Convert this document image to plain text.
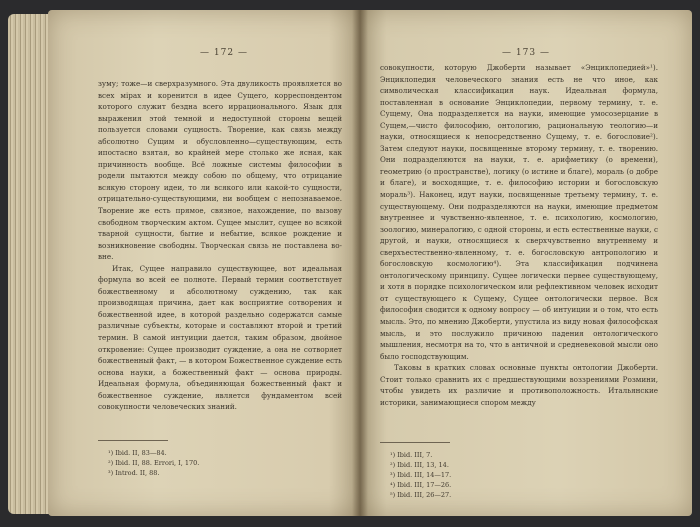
— 172 —

зуму; тоже—и сверхразумного. Эта двуликость проявляется во всех мiрах и коренится в идее Сущего, корреспондентом которого служит бездна всего иррационального. Язык для выражения этой темной и недоступной стороны вещей пользуется словами сущность. Творение, как связь между абсолютно Сущим и обусловленно—существующим, есть ипостасно взятая, во крайней мере столько же ясная, как причинность вообще. Всё ложные системы философии в родели пытаются между собою по общему, что отрицание всякую сторону идеи, то ли всякого или какой-то сущности, отрицательно-существующими, ни вообщем с непознаваемое. Творение же есть прямое, связное, нахождение, по вызову свободном творческим актом. Сущее мыслит, сущее во всякой тварной сущности, бытие и небытие, всякое рождение и возникновение свободны. Творческая связь не поставлена во-вне.

Итак, Сущее направило существующее, вот идеальная формула во всей ее полноте. Первый термин соответствует божественному и абсолютному суждению, так как производящая причина, дает как восприятие сотворения и божественной идее, в которой раздельно содержатся самые различные субъекты, которые и составляют второй и третий термин. В самой интуиции дается, таким образом, двойное откровение: Сущее производит суждение, а она не сотворяет божественный факт, — в котором Божественное суждение есть основа науки, а божественный факт — основа природы. Идеальная формула, объединяющая божественный факт и божественное суждение, является фундаментом всей совокупности человеческих знаний.

¹) Ibid. II, 83—84.
²) Ibid. II, 88. Errori, I, 170.
³) Introd. II, 88.
— 173 —

совокупности, которую Джоберти называет «Энциклопедией»¹). Энциклопедия человеческого знания есть не что иное, как символическая классификация наук. Идеальная формула, поставленная в основание Энциклопедии, первому термину, т. е. Сущему, Она подразделяется на науки, имеющие умосозерцание в Сущем,—чисто философию, онтологию, рациональную теологию—и науки, относящиеся к непосредственно Сущему, т. е. богословие²). Затем следуют науки, посвященные второму термину, т. е. творению. Они подразделяются на науки, т. е. арифметику (о времени), геометрию (о пространстве), логику (о истине и благе), мораль (о добре и благе), и восходящие, т. е. философию истории и богословскую мораль³). Наконец, идут науки, посвященные третьему термину, т. е. существующему. Они подразделяются на науки, имеющие предметом внутреннее и чувственно-явленное, т. е. психологию, космологию, зоологию, минералогию, с одной стороны, и есть естественные науки, с другой, и науки, относящиеся к сверхчувственно внутреннему и сверхъестественно-явленному, т. е. богословскую антропологию и богословскую космологию⁴). Эта классификация подчинена онтологическому принципу. Сущее логически первее существующему, и хотя в порядке психологическом или рефлективном человек исходит от существующего к Сущему, Сущее онтологически первое. Вся философия сводится к одному вопросу — об интуиции и о том, что есть мысль. Это, по мнению Джоберти, упустила из виду новая философская мысль, и это послужило причиною падения онтологического мышления, несмотря на то, что в античной и средневековой мысли оно было господствующим.

Таковы в кратких словах основные пункты онтологии Джоберти. Стоит только сравнить их с предшествующими воззрениями Розмини, чтобы увидеть их различие и противоположность. Итальянские историки, занимающиеся спором между

¹) Ibid. III, 7.
²) Ibid. III, 13, 14.
³) Ibid. III, 14—17.
⁴) Ibid. III, 17—26.
⁵) Ibid. III, 26—27.
